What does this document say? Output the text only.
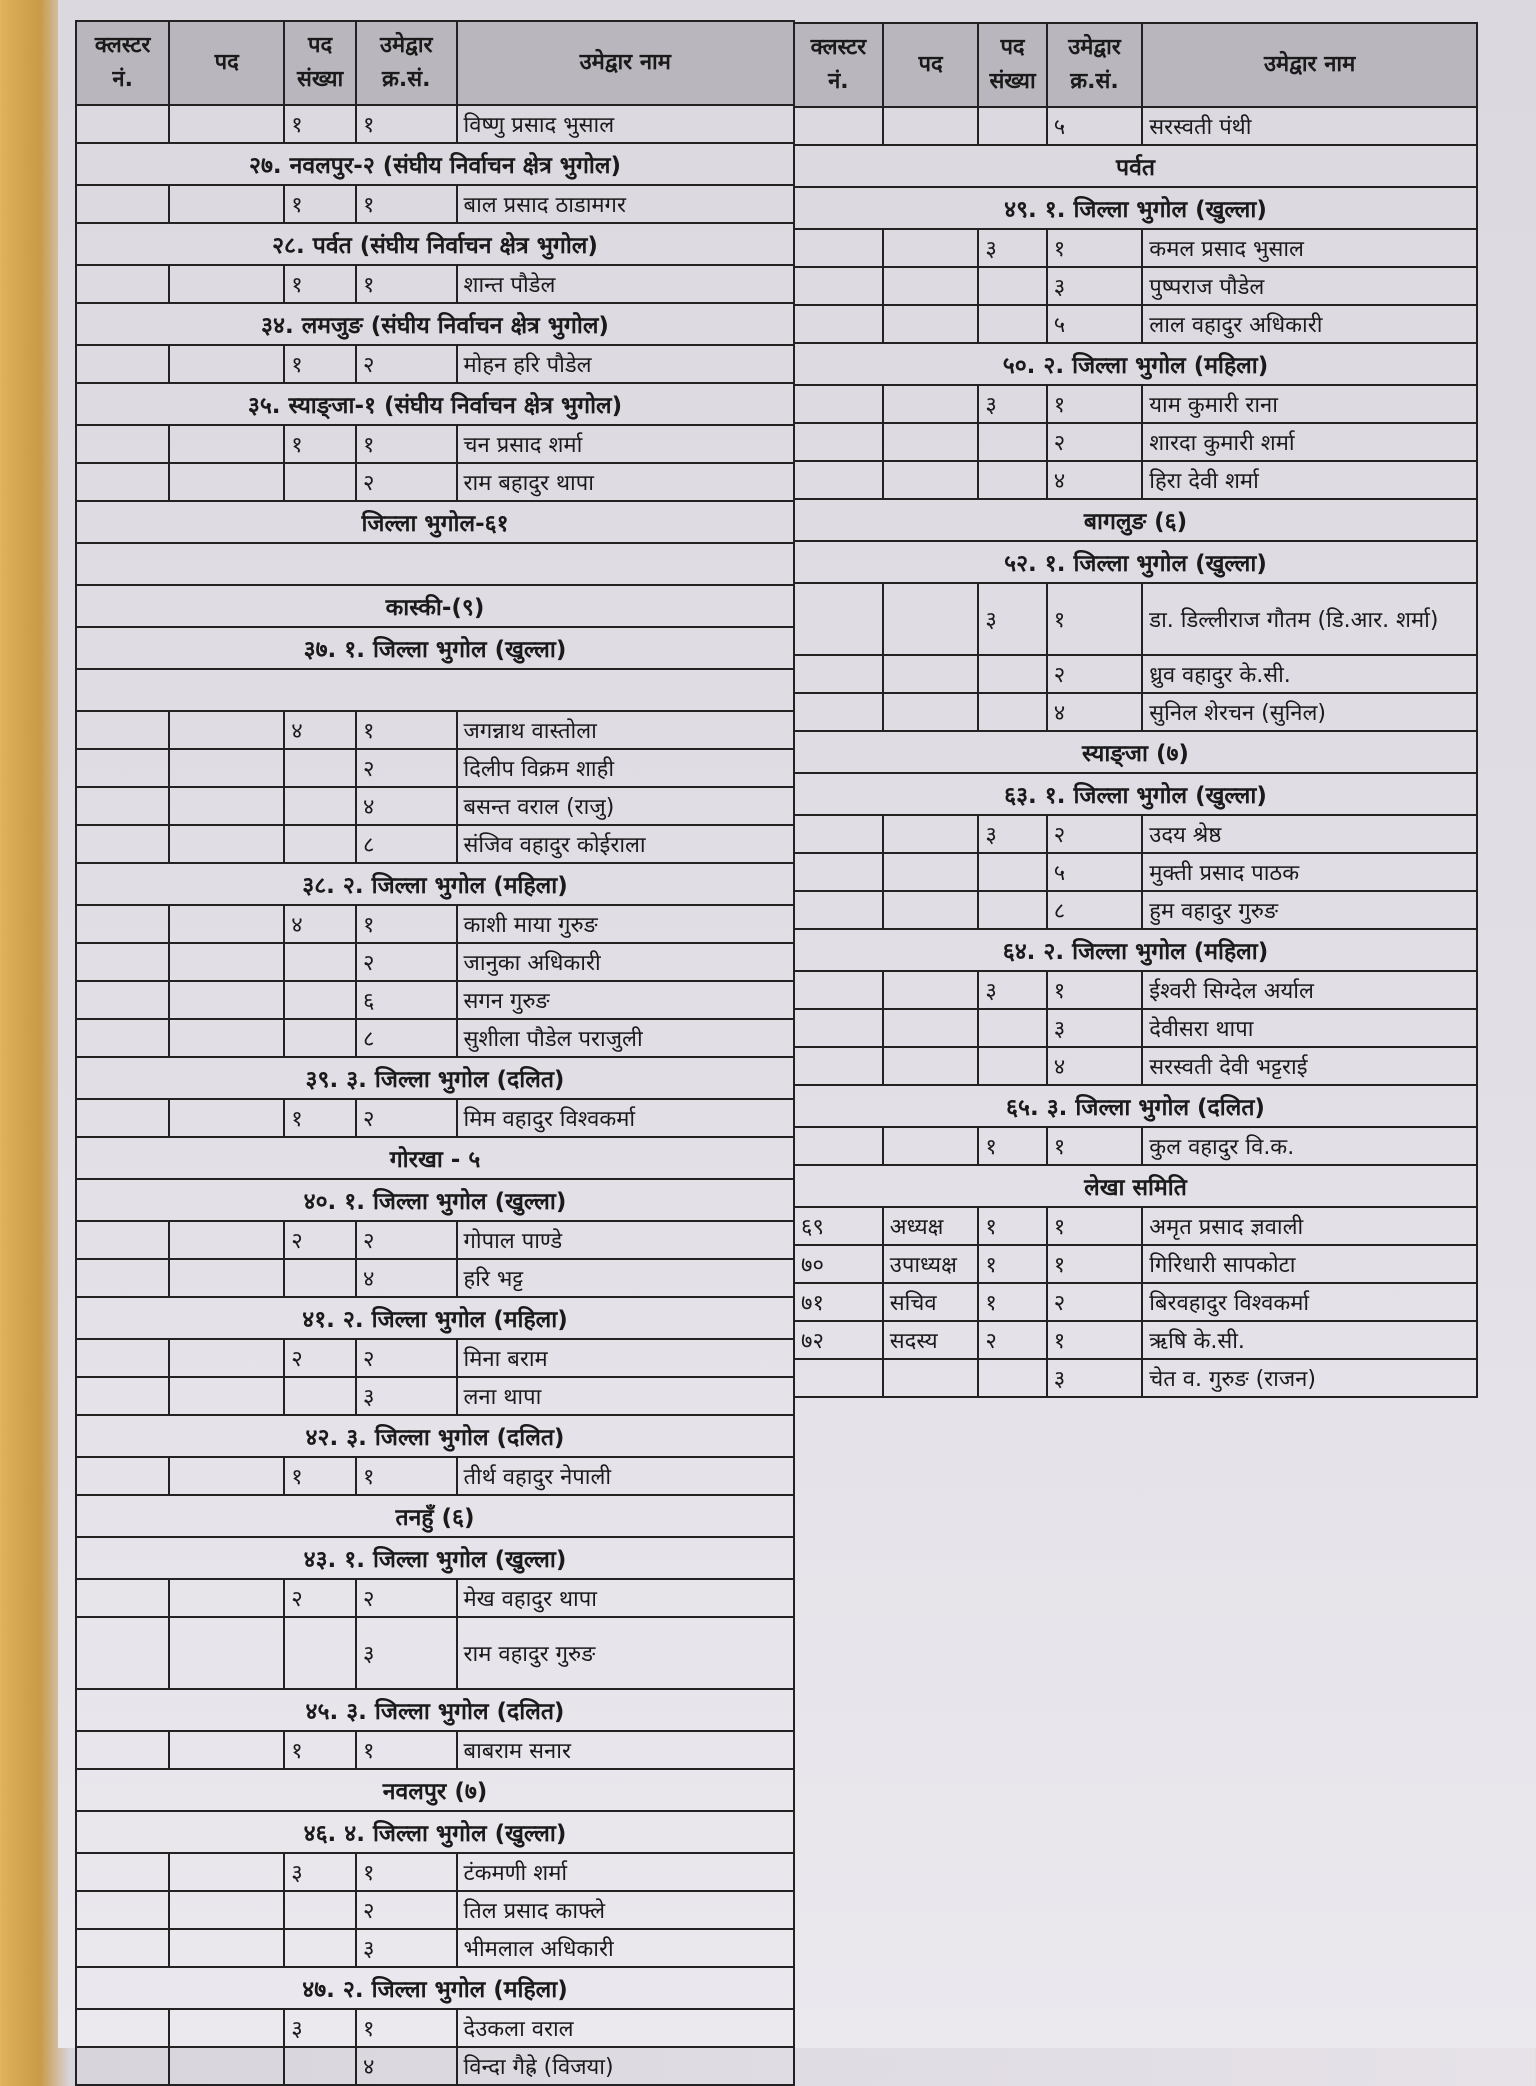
क्लस्टर नं.	पद	पद संख्या	उमेद्वार क्र.सं.	उमेद्वार नाम
		१	१	विष्णु प्रसाद भुसाल
२७. नवलपुर-२ (संघीय निर्वाचन क्षेत्र भुगोल)				
		१	१	बाल प्रसाद ठाडामगर
२८. पर्वत (संघीय निर्वाचन क्षेत्र भुगोल)				
		१	१	शान्त पौडेल
३४. लमजुङ (संघीय निर्वाचन क्षेत्र भुगोल)				
		१	२	मोहन हरि पौडेल
३५. स्याङ्जा-१ (संघीय निर्वाचन क्षेत्र भुगोल)				
		१	१	चन प्रसाद शर्मा
			२	राम बहादुर थापा
जिल्ला भुगोल-६१				

कास्की-(९)				
३७. १. जिल्ला भुगोल (खुल्ला)				

		४	१	जगन्नाथ वास्तोला
			२	दिलीप विक्रम शाही
			४	बसन्त वराल (राजु)
			८	संजिव वहादुर कोईराला
३८. २. जिल्ला भुगोल (महिला)				
		४	१	काशी माया गुरुङ
			२	जानुका अधिकारी
			६	सगन गुरुङ
			८	सुशीला पौडेल पराजुली
३९. ३. जिल्ला भुगोल (दलित)				
		१	२	मिम वहादुर विश्वकर्मा
गोरखा - ५				
४०. १. जिल्ला भुगोल (खुल्ला)				
		२	२	गोपाल पाण्डे
			४	हरि भट्ट
४१. २. जिल्ला भुगोल (महिला)				
		२	२	मिना बराम
			३	लना थापा
४२. ३. जिल्ला भुगोल (दलित)				
		१	१	तीर्थ वहादुर नेपाली
तनहुँ (६)				
४३. १. जिल्ला भुगोल (खुल्ला)				
		२	२	मेख वहादुर थापा
			३	राम वहादुर गुरुङ
४५. ३. जिल्ला भुगोल (दलित)				
		१	१	बाबराम सनार
नवलपुर (७)				
४६. ४. जिल्ला भुगोल (खुल्ला)				
		३	१	टंकमणी शर्मा
			२	तिल प्रसाद काफ्ले
			३	भीमलाल अधिकारी
४७. २. जिल्ला भुगोल (महिला)				
		३	१	देउकला वराल
			४	विन्दा गैह्रे (विजया)
क्लस्टर नं.	पद	पद संख्या	उमेद्वार क्र.सं.	उमेद्वार नाम
			५	सरस्वती पंथी
पर्वत				
४९. १. जिल्ला भुगोल (खुल्ला)				
		३	१	कमल प्रसाद भुसाल
			३	पुष्पराज पौडेल
			५	लाल वहादुर अधिकारी
५०. २. जिल्ला भुगोल (महिला)				
		३	१	याम कुमारी राना
			२	शारदा कुमारी शर्मा
			४	हिरा देवी शर्मा
बागलुङ (६)				
५२. १. जिल्ला भुगोल (खुल्ला)				
		३	१	डा. डिल्लीराज गौतम (डि.आर. शर्मा)
			२	ध्रुव वहादुर के.सी.
			४	सुनिल शेरचन (सुनिल)
स्याङ्जा (७)				
६३. १. जिल्ला भुगोल (खुल्ला)				
		३	२	उदय श्रेष्ठ
			५	मुक्ती प्रसाद पाठक
			८	हुम वहादुर गुरुङ
६४. २. जिल्ला भुगोल (महिला)				
		३	१	ईश्वरी सिग्देल अर्याल
			३	देवीसरा थापा
			४	सरस्वती देवी भट्टराई
६५. ३. जिल्ला भुगोल (दलित)				
		१	१	कुल वहादुर वि.क.
लेखा समिति				
६९	अध्यक्ष	१	१	अमृत प्रसाद ज्ञवाली
७०	उपाध्यक्ष	१	१	गिरिधारी सापकोटा
७१	सचिव	१	२	बिरवहादुर विश्वकर्मा
७२	सदस्य	२	१	ऋषि के.सी.
			३	चेत व. गुरुङ (राजन)
